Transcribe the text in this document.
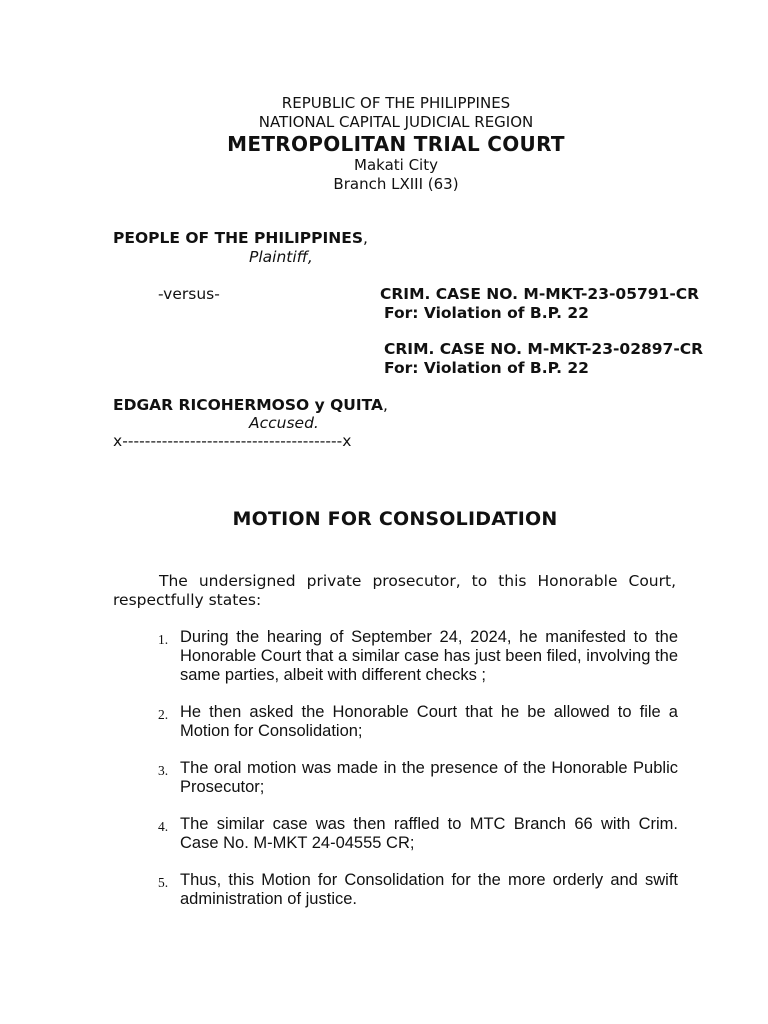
REPUBLIC OF THE PHILIPPINES
NATIONAL CAPITAL JUDICIAL REGION
METROPOLITAN TRIAL COURT
Makati City
Branch LXIII (63)
PEOPLE OF THE PHILIPPINES,
Plaintiff,
-versus-	CRIM. CASE NO. M-MKT-23-05791-CR
For: Violation of B.P. 22
CRIM. CASE NO. M-MKT-23-02897-CR
For: Violation of B.P. 22
EDGAR RICOHERMOSO y QUITA,
Accused.
x---------------------------------------x
MOTION FOR CONSOLIDATION
The undersigned private prosecutor, to this Honorable Court, respectfully states:
1. During the hearing of September 24, 2024, he manifested to the Honorable Court that a similar case has just been filed, involving the same parties, albeit with different checks ;
2. He then asked the Honorable Court that he be allowed to file a Motion for Consolidation;
3. The oral motion was made in the presence of the Honorable Public Prosecutor;
4. The similar case was then raffled to MTC Branch 66 with Crim. Case No. M-MKT 24-04555 CR;
5. Thus, this Motion for Consolidation for the more orderly and swift administration of justice.
